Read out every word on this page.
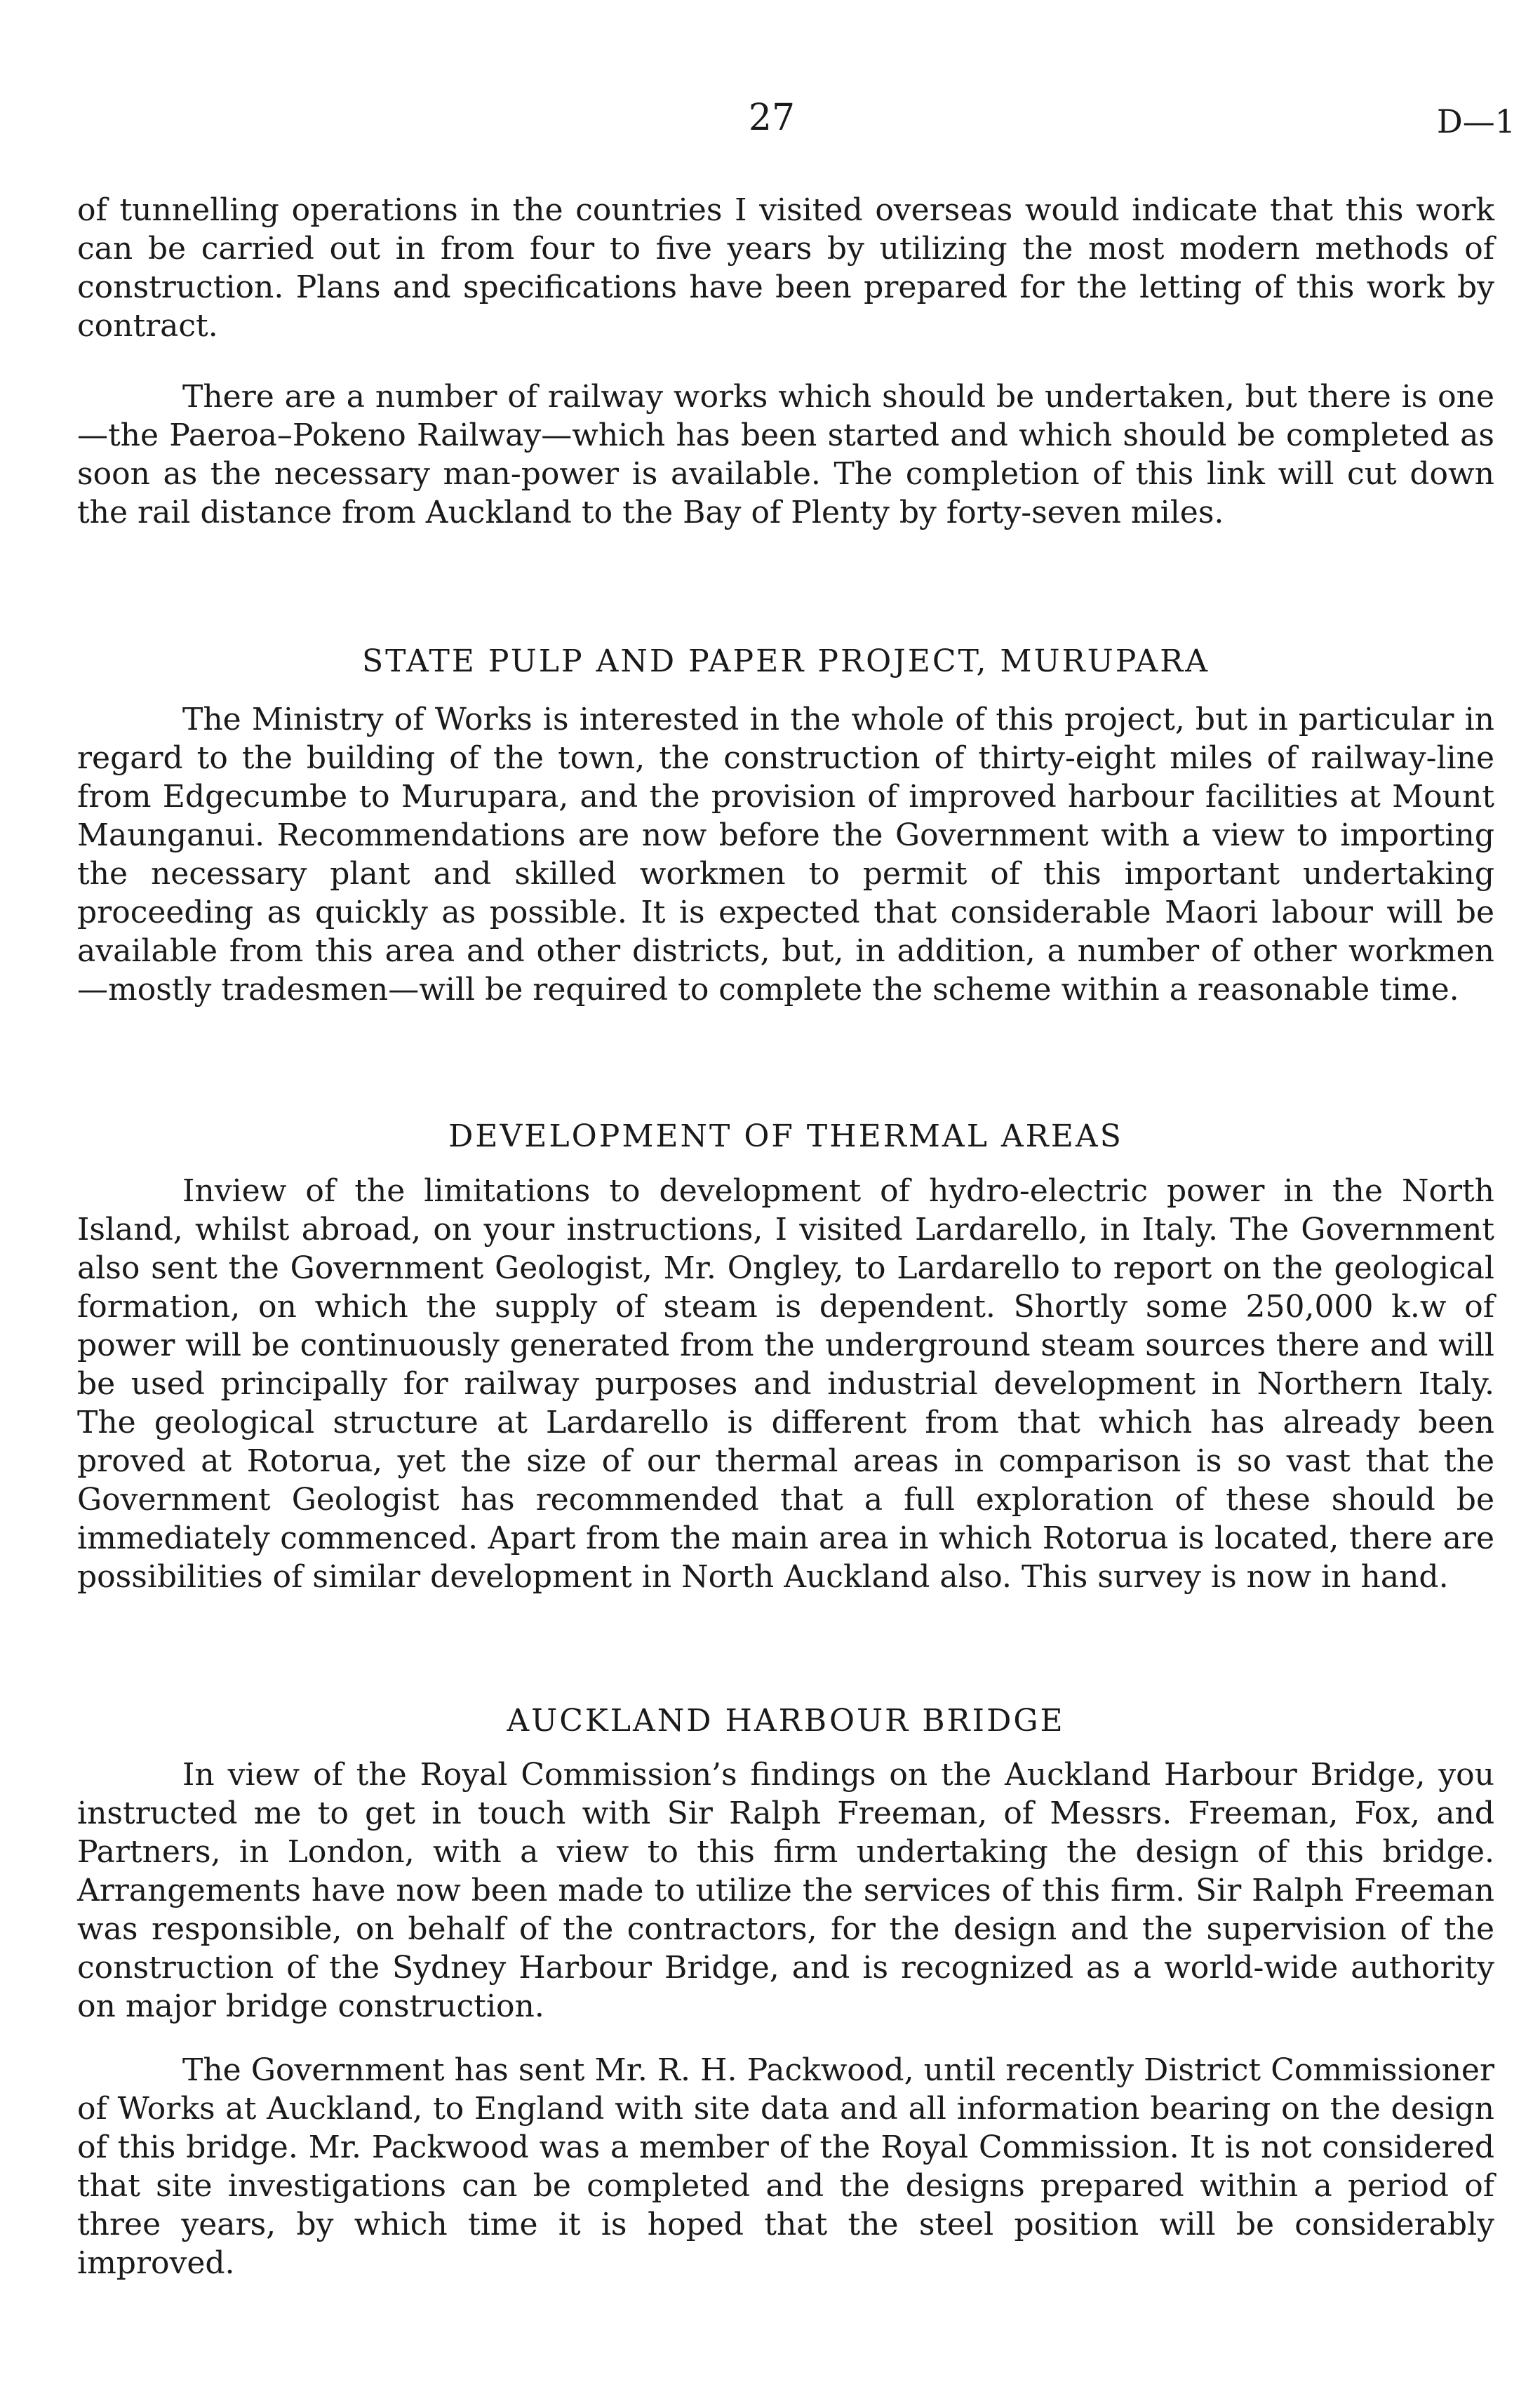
27	D—1

of tunnelling operations in the countries I visited overseas would indicate that this work can be carried out in from four to five years by utilizing the most modern methods of construction. Plans and specifications have been prepared for the letting of this work by contract.

There are a number of railway works which should be undertaken, but there is one—the Paeroa–Pokeno Railway—which has been started and which should be completed as soon as the necessary man-power is available. The completion of this link will cut down the rail distance from Auckland to the Bay of Plenty by forty-seven miles.

STATE PULP AND PAPER PROJECT, MURUPARA

The Ministry of Works is interested in the whole of this project, but in particular in regard to the building of the town, the construction of thirty-eight miles of railway-line from Edgecumbe to Murupara, and the provision of improved harbour facilities at Mount Maunganui. Recommendations are now before the Government with a view to importing the necessary plant and skilled workmen to permit of this important undertaking proceeding as quickly as possible. It is expected that considerable Maori labour will be available from this area and other districts, but, in addition, a number of other workmen—mostly tradesmen—will be required to complete the scheme within a reasonable time.

DEVELOPMENT OF THERMAL AREAS

Inview of the limitations to development of hydro-electric power in the North Island, whilst abroad, on your instructions, I visited Lardarello, in Italy. The Government also sent the Government Geologist, Mr. Ongley, to Lardarello to report on the geological formation, on which the supply of steam is dependent. Shortly some 250,000 k.w of power will be continuously generated from the underground steam sources there and will be used principally for railway purposes and industrial development in Northern Italy. The geological structure at Lardarello is different from that which has already been proved at Rotorua, yet the size of our thermal areas in comparison is so vast that the Government Geologist has recommended that a full exploration of these should be immediately commenced. Apart from the main area in which Rotorua is located, there are possibilities of similar development in North Auckland also. This survey is now in hand.

AUCKLAND HARBOUR BRIDGE

In view of the Royal Commission’s findings on the Auckland Harbour Bridge, you instructed me to get in touch with Sir Ralph Freeman, of Messrs. Freeman, Fox, and Partners, in London, with a view to this firm undertaking the design of this bridge. Arrangements have now been made to utilize the services of this firm. Sir Ralph Freeman was responsible, on behalf of the contractors, for the design and the supervision of the construction of the Sydney Harbour Bridge, and is recognized as a world-wide authority on major bridge construction.

The Government has sent Mr. R. H. Packwood, until recently District Commissioner of Works at Auckland, to England with site data and all information bearing on the design of this bridge. Mr. Packwood was a member of the Royal Commission. It is not considered that site investigations can be completed and the designs prepared within a period of three years, by which time it is hoped that the steel position will be considerably improved.
